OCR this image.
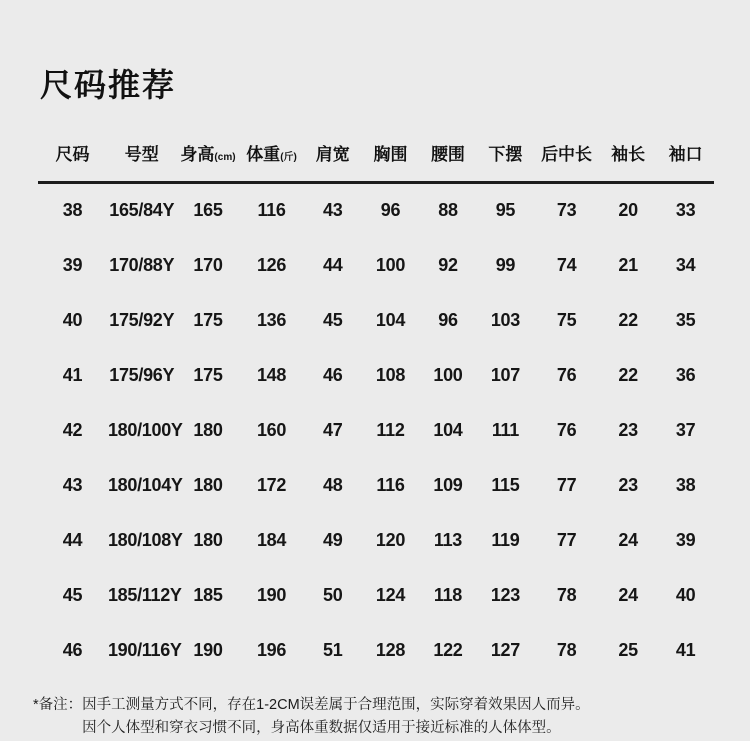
尺码推荐
尺码	号型	身高(cm)	体重(斤)	肩宽	胸围	腰围	下摆	后中长	袖长	袖口
38	165/84Y	165	116	43	96	88	95	73	20	33
39	170/88Y	170	126	44	100	92	99	74	21	34
40	175/92Y	175	136	45	104	96	103	75	22	35
41	175/96Y	175	148	46	108	100	107	76	22	36
42	180/100Y	180	160	47	112	104	111	76	23	37
43	180/104Y	180	172	48	116	109	115	77	23	38
44	180/108Y	180	184	49	120	113	119	77	24	39
45	185/112Y	185	190	50	124	118	123	78	24	40
46	190/116Y	190	196	51	128	122	127	78	25	41
*备注： 因手工测量方式不同，存在1-2CM误差属于合理范围，实际穿着效果因人而异。
因个人体型和穿衣习惯不同，身高体重数据仅适用于接近标准的人体体型。
